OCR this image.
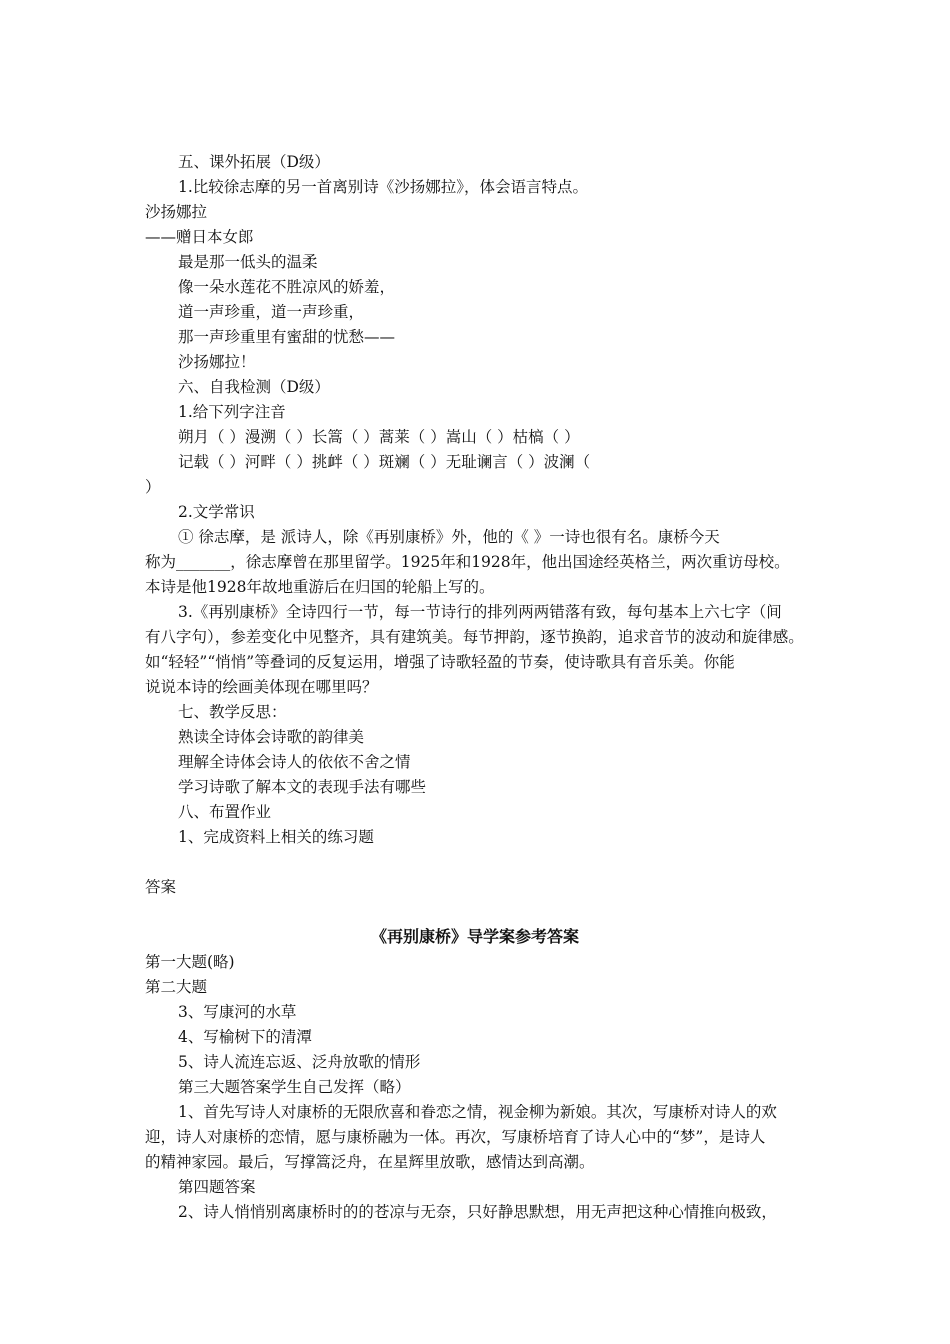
五、课外拓展（D级）
1.比较徐志摩的另一首离别诗《沙扬娜拉》，体会语言特点。
沙扬娜拉
——赠日本女郎
最是那一低头的温柔
像一朵水莲花不胜凉风的娇羞，
道一声珍重，道一声珍重，
那一声珍重里有蜜甜的忧愁——
沙扬娜拉！
六、自我检测（D级）
1.给下列字注音
朔月（ ）漫溯（ ）长篙（ ）蒿莱（ ）嵩山（ ）枯槁（ ）
记载（ ）河畔（ ）挑衅（ ）斑斓（ ）无耻谰言（ ）波澜（
）
2.文学常识
① 徐志摩，是 派诗人，除《再别康桥》外，他的《 》一诗也很有名。康桥今天
称为_______，徐志摩曾在那里留学。1925年和1928年，他出国途经英格兰，两次重访母校。
本诗是他1928年故地重游后在归国的轮船上写的。
3.《再别康桥》全诗四行一节，每一节诗行的排列两两错落有致，每句基本上六七字（间
有八字句），参差变化中见整齐，具有建筑美。每节押韵，逐节换韵，追求音节的波动和旋律感。
如“轻轻”“悄悄”等叠词的反复运用，增强了诗歌轻盈的节奏，使诗歌具有音乐美。你能
说说本诗的绘画美体现在哪里吗？
七、教学反思：
熟读全诗体会诗歌的韵律美
理解全诗体会诗人的依依不舍之情
学习诗歌了解本文的表现手法有哪些
八、布置作业
1、完成资料上相关的练习题
答案
《再别康桥》导学案参考答案
第一大题(略)
第二大题
3、写康河的水草
4、写榆树下的清潭
5、诗人流连忘返、泛舟放歌的情形
第三大题答案学生自己发挥（略）
1、首先写诗人对康桥的无限欣喜和眷恋之情，视金柳为新娘。其次，写康桥对诗人的欢
迎，诗人对康桥的恋情，愿与康桥融为一体。再次，写康桥培育了诗人心中的“梦”，是诗人
的精神家园。最后，写撑篙泛舟，在星辉里放歌，感情达到高潮。
第四题答案
2、诗人悄悄别离康桥时的的苍凉与无奈，只好静思默想，用无声把这种心情推向极致，
